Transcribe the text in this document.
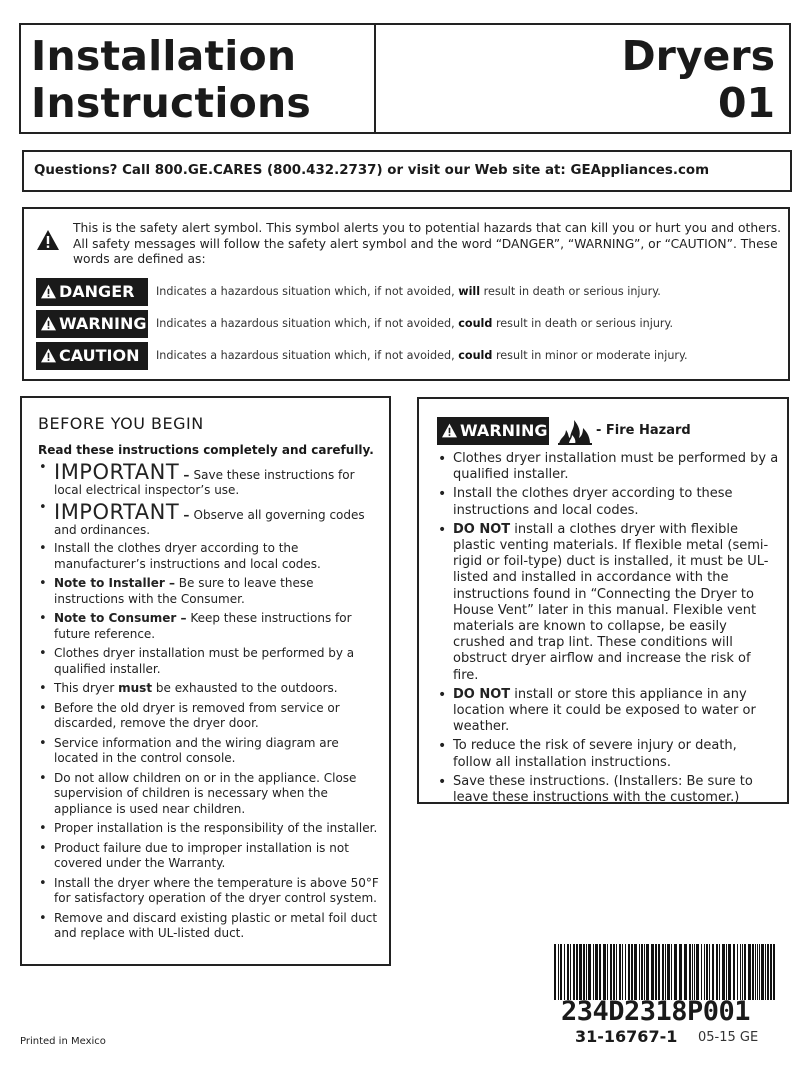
Installation
Instructions
Dryers
01
Questions? Call 800.GE.CARES (800.432.2737) or visit our Web site at: GEAppliances.com
This is the safety alert symbol. This symbol alerts you to potential hazards that can kill you or hurt you and others. All safety messages will follow the safety alert symbol and the word “DANGER”, “WARNING”, or “CAUTION”. These words are defined as:
DANGER	Indicates a hazardous situation which, if not avoided, will result in death or serious injury.
WARNING Indicates a hazardous situation which, if not avoided, could result in death or serious injury.
CAUTION	Indicates a hazardous situation which, if not avoided, could result in minor or moderate injury.
BEFORE YOU BEGIN
Read these instructions completely and carefully.
• IMPORTANT – Save these instructions for local electrical inspector’s use.
• IMPORTANT – Observe all governing codes and ordinances.
• Install the clothes dryer according to the manufacturer’s instructions and local codes.
• Note to Installer – Be sure to leave these instructions with the Consumer.
• Note to Consumer – Keep these instructions for future reference.
• Clothes dryer installation must be performed by a qualified installer.
• This dryer must be exhausted to the outdoors.
• Before the old dryer is removed from service or discarded, remove the dryer door.
• Service information and the wiring diagram are located in the control console.
• Do not allow children on or in the appliance. Close supervision of children is necessary when the appliance is used near children.
• Proper installation is the responsibility of the installer.
• Product failure due to improper installation is not covered under the Warranty.
• Install the dryer where the temperature is above 50°F for satisfactory operation of the dryer control system.
• Remove and discard existing plastic or metal foil duct and replace with UL-listed duct.
WARNING	- Fire Hazard
• Clothes dryer installation must be performed by a qualified installer.
• Install the clothes dryer according to these instructions and local codes.
• DO NOT install a clothes dryer with flexible plastic venting materials. If flexible metal (semi-rigid or foil-type) duct is installed, it must be UL-listed and installed in accordance with the instructions found in “Connecting the Dryer to House Vent” later in this manual. Flexible vent materials are known to collapse, be easily crushed and trap lint. These conditions will obstruct dryer airflow and increase the risk of fire.
• DO NOT install or store this appliance in any location where it could be exposed to water or weather.
• To reduce the risk of severe injury or death, follow all installation instructions.
• Save these instructions. (Installers: Be sure to leave these instructions with the customer.)
Printed in Mexico
234D2318P001
31-16767-1 05-15 GE
